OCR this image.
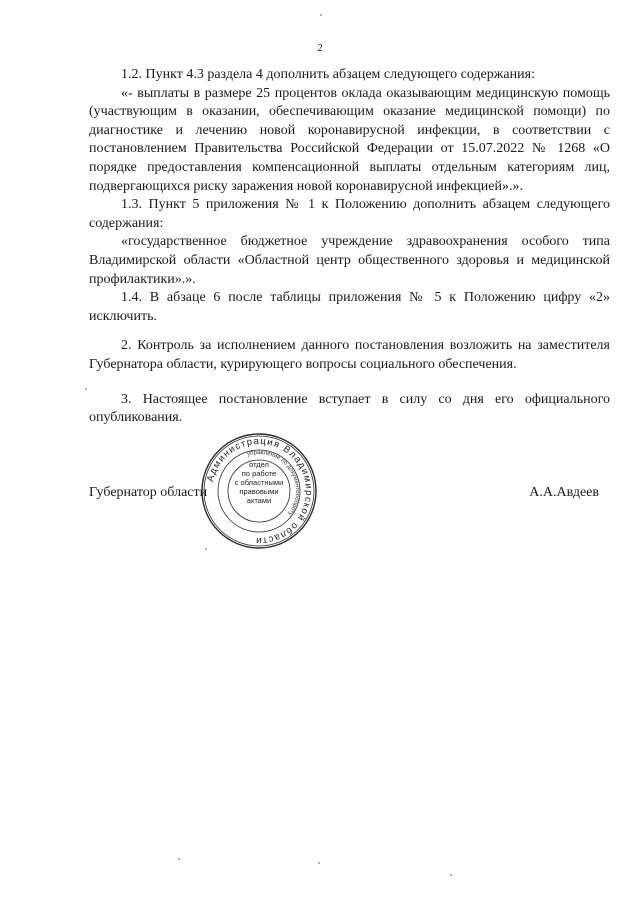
2

1.2. Пункт 4.3 раздела 4 дополнить абзацем следующего содержания:

«- выплаты в размере 25 процентов оклада оказывающим медицинскую помощь (участвующим в оказании, обеспечивающим оказание медицинской помощи) по диагностике и лечению новой коронавирусной инфекции, в соответствии с постановлением Правительства Российской Федерации от 15.07.2022 № 1268 «О порядке предоставления компенсационной выплаты отдельным категориям лиц, подвергающихся риску заражения новой коронавирусной инфекцией».».

1.3. Пункт 5 приложения № 1 к Положению дополнить абзацем следующего содержания:

«государственное бюджетное учреждение здравоохранения особого типа Владимирской области «Областной центр общественного здоровья и медицинской профилактики».».

1.4. В абзаце 6 после таблицы приложения № 5 к Положению цифру «2» исключить.

2. Контроль за исполнением данного постановления возложить на заместителя Губернатора области, курирующего вопросы социального обеспечения.

3. Настоящее постановление вступает в силу со дня его официального опубликования.

Губернатор области	А.А.Авдеев
Администрация Владимирской области
управление по документообороту
отдел
по работе
с областными
правовыми
актами
